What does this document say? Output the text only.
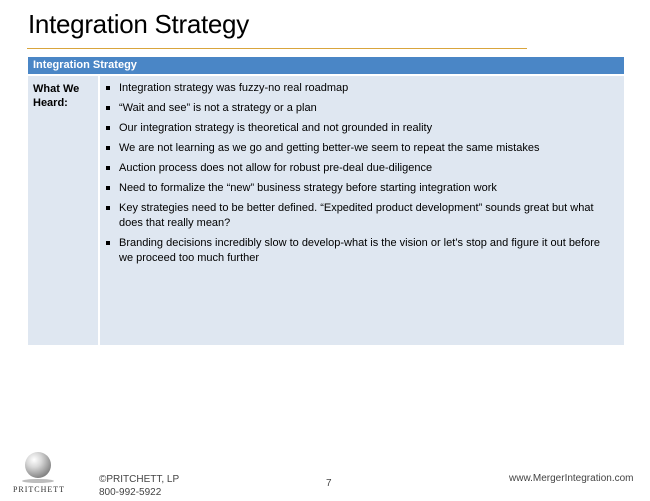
Integration Strategy
Integration Strategy
What We
Heard:
Integration strategy was fuzzy-no real roadmap
“Wait and see” is not a strategy or a plan
Our integration strategy is theoretical and not grounded in reality
We are not learning as we go and getting better-we seem to repeat the same mistakes
Auction process does not allow for robust pre-deal due-diligence
Need to formalize the “new” business strategy before starting integration work
Key strategies need to be better defined. “Expedited product development” sounds great but what does that really mean?
Branding decisions incredibly slow to develop-what is the vision or let’s stop and figure it out before we proceed too much further
PRITCHETT
©PRITCHETT, LP
800-992-5922
7	www.MergerIntegration.com
